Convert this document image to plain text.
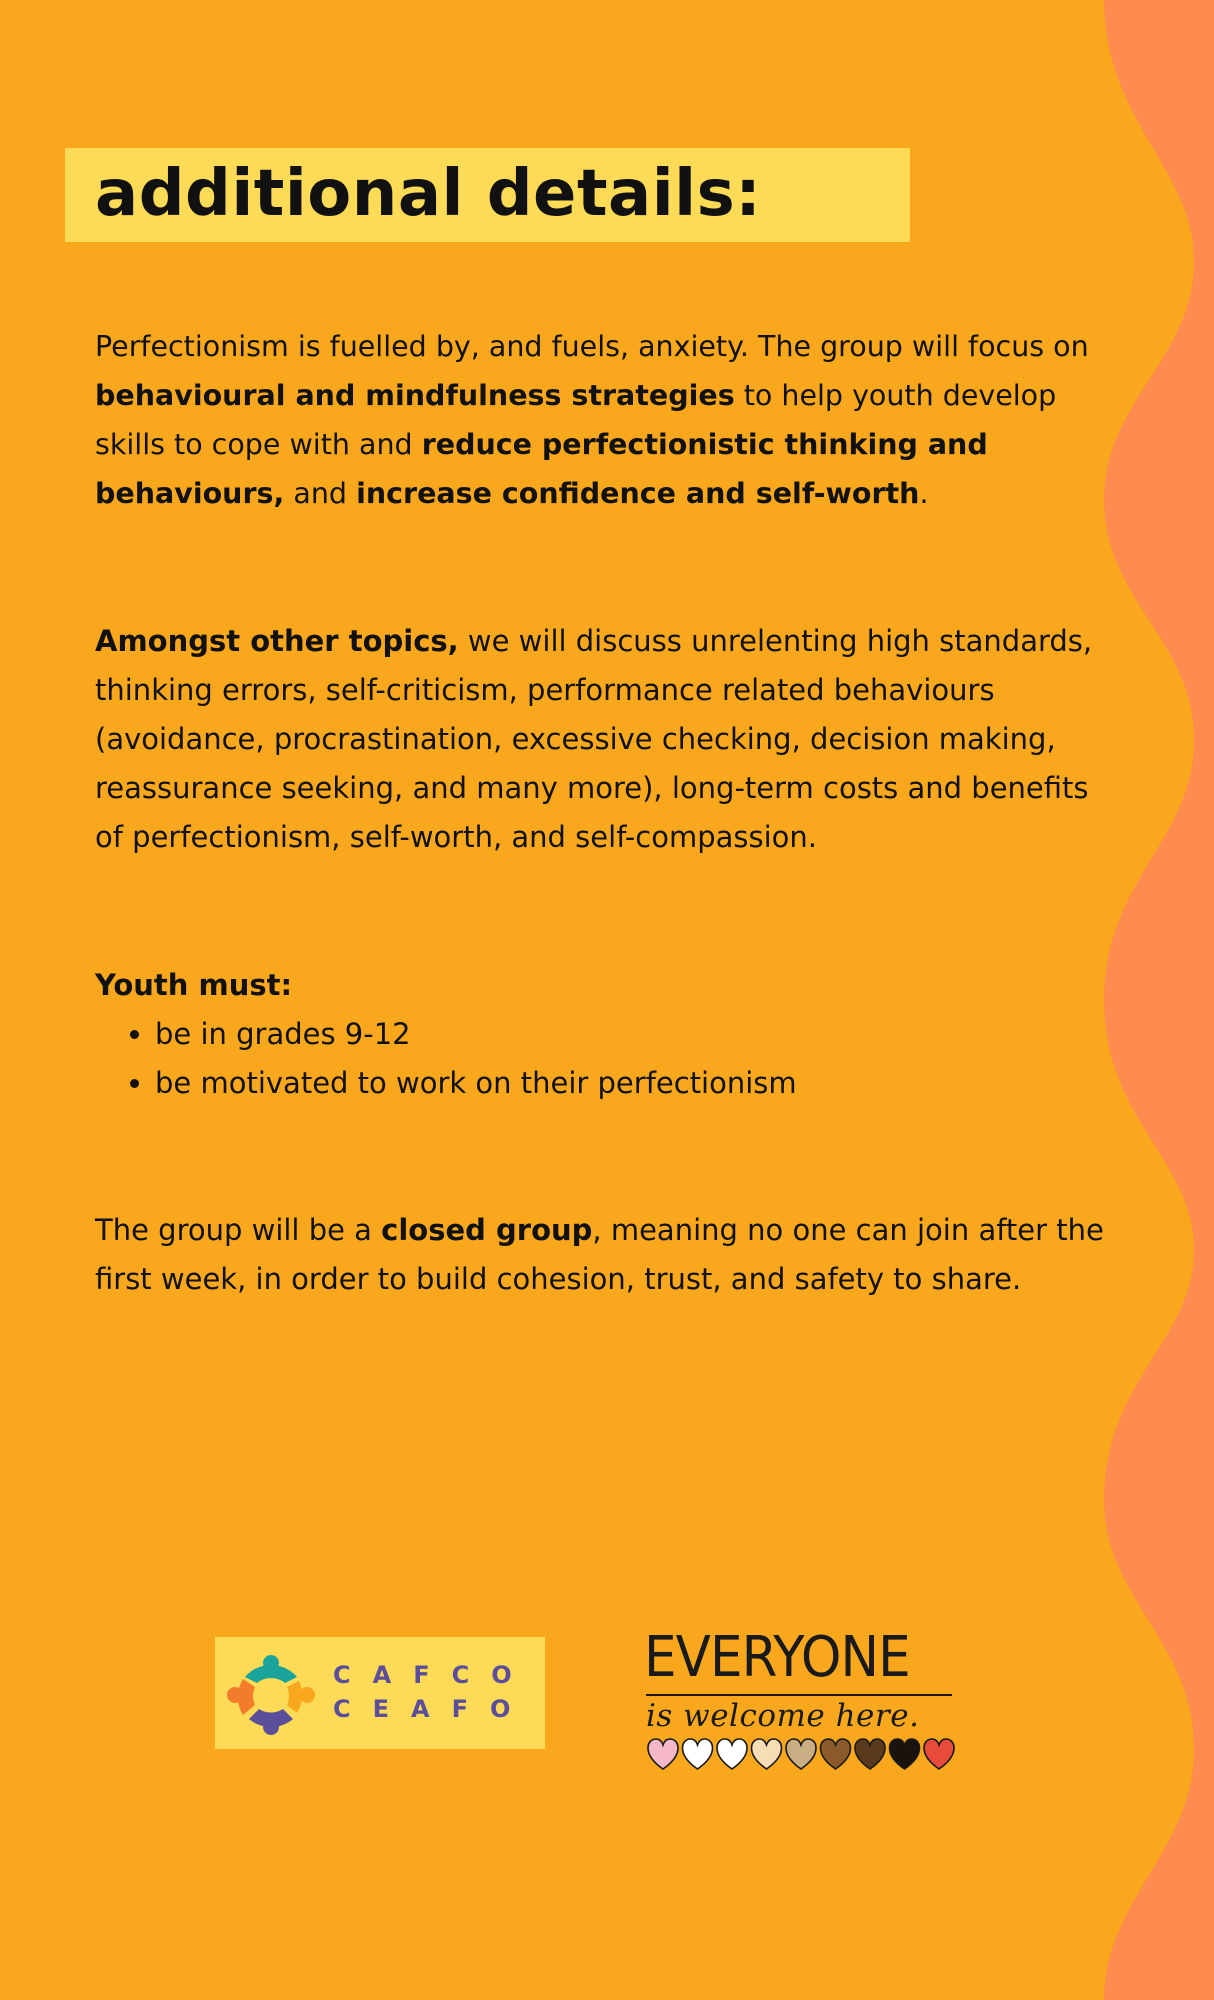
additional details:

Perfectionism is fuelled by, and fuels, anxiety. The group will focus on behavioural and mindfulness strategies to help youth develop skills to cope with and reduce perfectionistic thinking and behaviours, and increase confidence and self-worth.

Amongst other topics, we will discuss unrelenting high standards, thinking errors, self-criticism, performance related behaviours (avoidance, procrastination, excessive checking, decision making, reassurance seeking, and many more), long-term costs and benefits of perfectionism, self-worth, and self-compassion.

Youth must:
• be in grades 9-12
• be motivated to work on their perfectionism

The group will be a closed group, meaning no one can join after the first week, in order to build cohesion, trust, and safety to share.

CAFCO
CEAFO
EVERYONE
is welcome here.
